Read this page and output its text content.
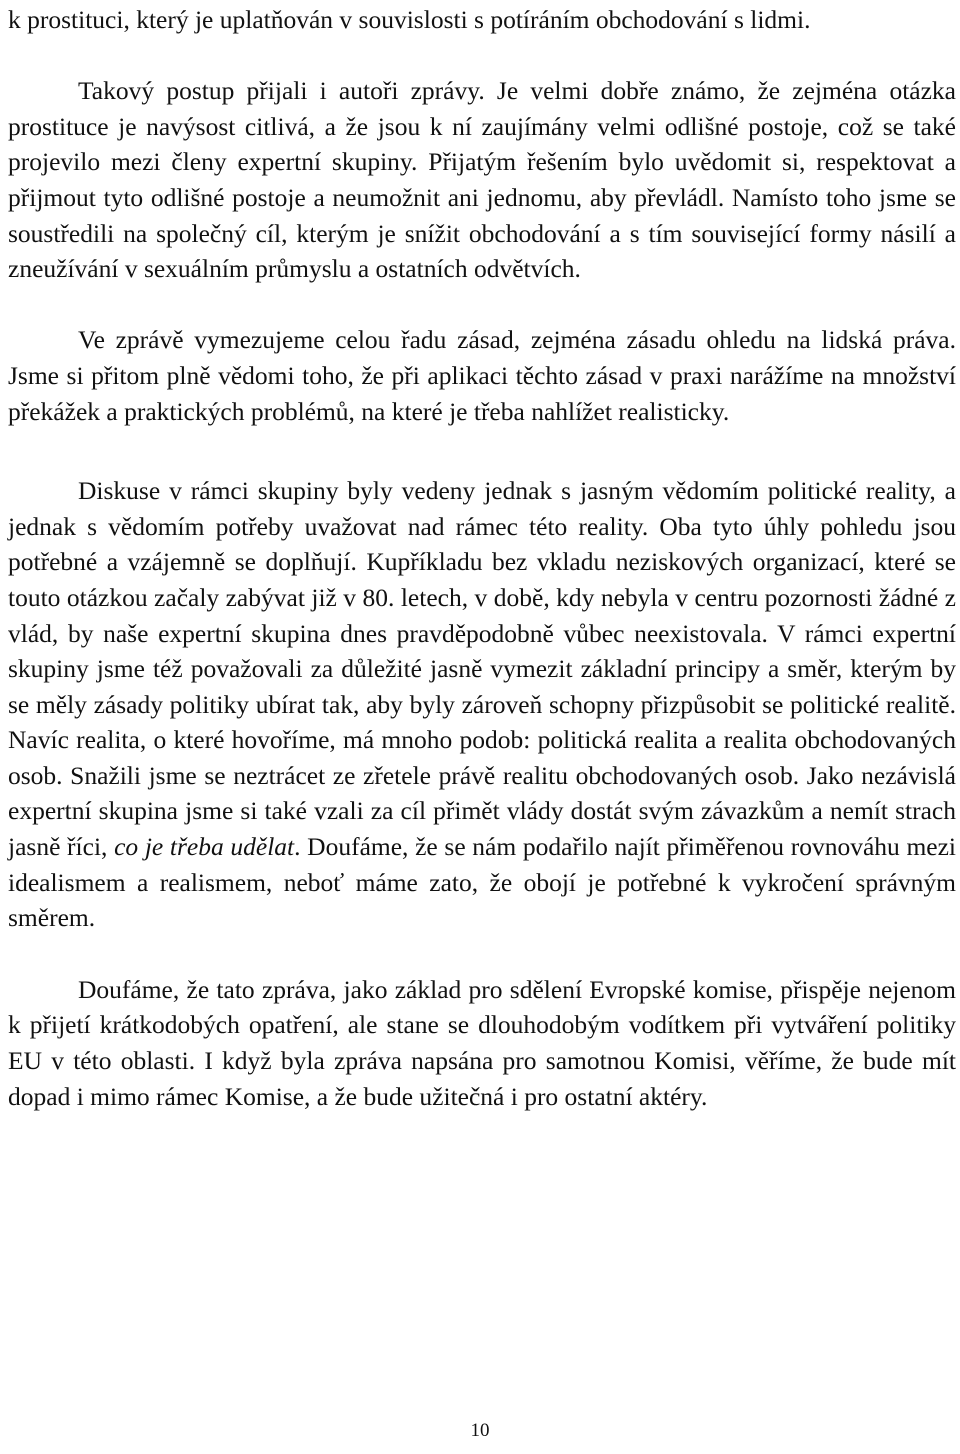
k prostituci, který je uplatňován v souvislosti s potíráním obchodování s lidmi.

Takový postup přijali i autoři zprávy. Je velmi dobře známo, že zejména otázka prostituce je navýsost citlivá, a že jsou k ní zaujímány velmi odlišné postoje, což se také projevilo mezi členy expertní skupiny. Přijatým řešením bylo uvědomit si, respektovat a přijmout tyto odlišné postoje a neumožnit ani jednomu, aby převládl. Namísto toho jsme se soustředili na společný cíl, kterým je snížit obchodování a s tím související formy násilí a zneužívání v sexuálním průmyslu a ostatních odvětvích.

Ve zprávě vymezujeme celou řadu zásad, zejména zásadu ohledu na lidská práva. Jsme si přitom plně vědomi toho, že při aplikaci těchto zásad v praxi narážíme na množství překážek a praktických problémů, na které je třeba nahlížet realisticky.

Diskuse v rámci skupiny byly vedeny jednak s jasným vědomím politické reality, a jednak s vědomím potřeby uvažovat nad rámec této reality. Oba tyto úhly pohledu jsou potřebné a vzájemně se doplňují. Kupříkladu bez vkladu neziskových organizací, které se touto otázkou začaly zabývat již v 80. letech, v době, kdy nebyla v centru pozornosti žádné z vlád, by naše expertní skupina dnes pravděpodobně vůbec neexistovala. V rámci expertní skupiny jsme též považovali za důležité jasně vymezit základní principy a směr, kterým by se měly zásady politiky ubírat tak, aby byly zároveň schopny přizpůsobit se politické realitě. Navíc realita, o které hovoříme, má mnoho podob: politická realita a realita obchodovaných osob. Snažili jsme se neztrácet ze zřetele právě realitu obchodovaných osob. Jako nezávislá expertní skupina jsme si také vzali za cíl přimět vlády dostát svým závazkům a nemít strach jasně říci, co je třeba udělat. Doufáme, že se nám podařilo najít přiměřenou rovnováhu mezi idealismem a realismem, neboť máme zato, že obojí je potřebné k vykročení správným směrem.

Doufáme, že tato zpráva, jako základ pro sdělení Evropské komise, přispěje nejenom k přijetí krátkodobých opatření, ale stane se dlouhodobým vodítkem při vytváření politiky EU v této oblasti. I když byla zpráva napsána pro samotnou Komisi, věříme, že bude mít dopad i mimo rámec Komise, a že bude užitečná i pro ostatní aktéry.

10
